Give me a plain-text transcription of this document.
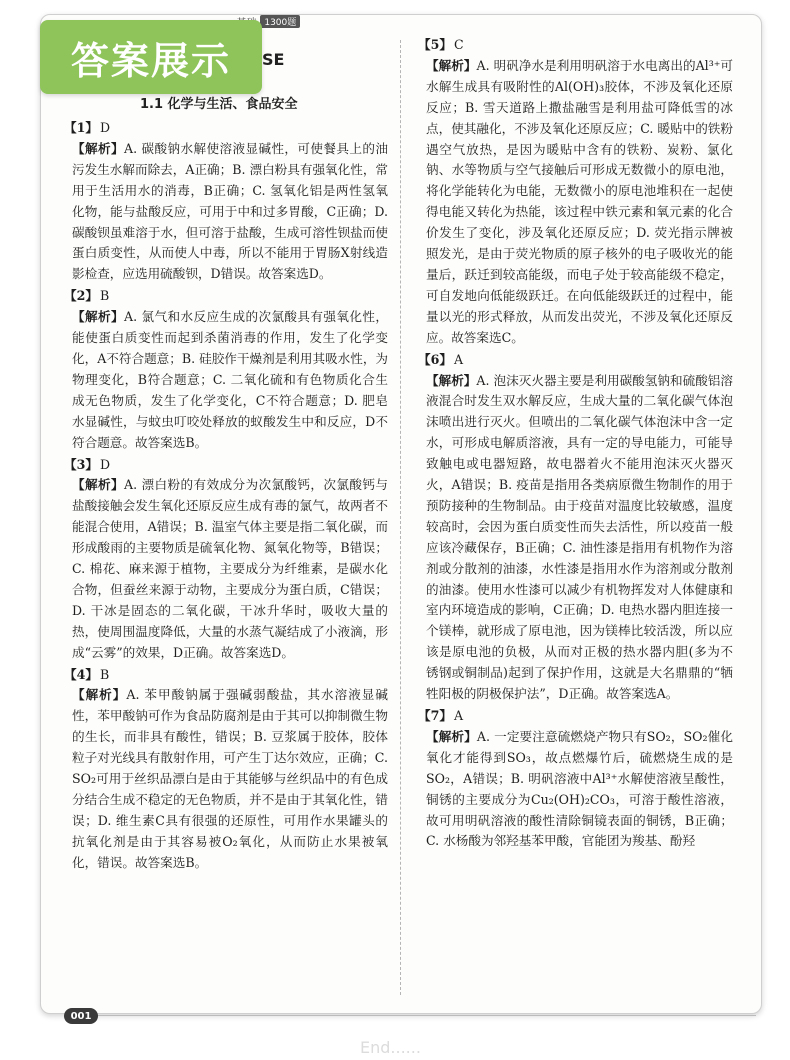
1300题
答案展示	SE
1.1 化学与生活、食品安全
【1】 D
【解析】A. 碳酸钠水解使溶液显碱性，可使餐具上的油污发生水解而除去，A正确；B. 漂白粉具有强氧化性，常用于生活用水的消毒，B正确；C. 氢氧化铝是两性氢氧化物，能与盐酸反应，可用于中和过多胃酸，C正确；D. 碳酸钡虽难溶于水，但可溶于盐酸，生成可溶性钡盐而使蛋白质变性，从而使人中毒，所以不能用于胃肠X射线造影检查，应选用硫酸钡，D错误。故答案选D。
【2】 B
【解析】A. 氯气和水反应生成的次氯酸具有强氧化性，能使蛋白质变性而起到杀菌消毒的作用，发生了化学变化，A不符合题意；B. 硅胶作干燥剂是利用其吸水性，为物理变化，B符合题意；C. 二氧化硫和有色物质化合生成无色物质，发生了化学变化，C不符合题意；D. 肥皂水显碱性，与蚊虫叮咬处释放的蚁酸发生中和反应，D不符合题意。故答案选B。
【3】 D
【解析】A. 漂白粉的有效成分为次氯酸钙，次氯酸钙与盐酸接触会发生氧化还原反应生成有毒的氯气，故两者不能混合使用，A错误；B. 温室气体主要是指二氧化碳，而形成酸雨的主要物质是硫氧化物、氮氧化物等，B错误；C. 棉花、麻来源于植物，主要成分为纤维素，是碳水化合物，但蚕丝来源于动物，主要成分为蛋白质，C错误；D. 干冰是固态的二氧化碳，干冰升华时，吸收大量的热，使周围温度降低，大量的水蒸气凝结成了小液滴，形成“云雾”的效果，D正确。故答案选D。
【4】 B
【解析】A. 苯甲酸钠属于强碱弱酸盐，其水溶液显碱性，苯甲酸钠可作为食品防腐剂是由于其可以抑制微生物的生长，而非具有酸性，错误；B. 豆浆属于胶体，胶体粒子对光线具有散射作用，可产生丁达尔效应，正确；C. SO₂可用于丝织品漂白是由于其能够与丝织品中的有色成分结合生成不稳定的无色物质，并不是由于其氧化性，错误；D. 维生素C具有很强的还原性，可用作水果罐头的抗氧化剂是由于其容易被O₂氧化，从而防止水果被氧化，错误。故答案选B。
【5】 C
【解析】A. 明矾净水是利用明矾溶于水电离出的Al³⁺可水解生成具有吸附性的Al(OH)₃胶体，不涉及氧化还原反应；B. 雪天道路上撒盐融雪是利用盐可降低雪的冰点，使其融化，不涉及氧化还原反应；C. 暖贴中的铁粉遇空气放热，是因为暖贴中含有的铁粉、炭粉、氯化钠、水等物质与空气接触后可形成无数微小的原电池，将化学能转化为电能，无数微小的原电池堆积在一起使得电能又转化为热能，该过程中铁元素和氧元素的化合价发生了变化，涉及氧化还原反应；D. 荧光指示牌被照发光，是由于荧光物质的原子核外的电子吸收光的能量后，跃迁到较高能级，而电子处于较高能级不稳定，可自发地向低能级跃迁。在向低能级跃迁的过程中，能量以光的形式释放，从而发出荧光，不涉及氧化还原反应。故答案选C。
【6】 A
【解析】A. 泡沫灭火器主要是利用碳酸氢钠和硫酸铝溶液混合时发生双水解反应，生成大量的二氧化碳气体泡沫喷出进行灭火。但喷出的二氧化碳气体泡沫中含一定水，可形成电解质溶液，具有一定的导电能力，可能导致触电或电器短路，故电器着火不能用泡沫灭火器灭火，A错误；B. 疫苗是指用各类病原微生物制作的用于预防接种的生物制品。由于疫苗对温度比较敏感，温度较高时，会因为蛋白质变性而失去活性，所以疫苗一般应该冷藏保存，B正确；C. 油性漆是指用有机物作为溶剂或分散剂的油漆，水性漆是指用水作为溶剂或分散剂的油漆。使用水性漆可以减少有机物挥发对人体健康和室内环境造成的影响，C正确；D. 电热水器内胆连接一个镁棒，就形成了原电池，因为镁棒比较活泼，所以应该是原电池的负极，从而对正极的热水器内胆(多为不锈钢或铜制品)起到了保护作用，这就是大名鼎鼎的“牺牲阳极的阴极保护法”，D正确。故答案选A。
【7】 A
【解析】A. 一定要注意硫燃烧产物只有SO₂，SO₂催化氧化才能得到SO₃，故点燃爆竹后，硫燃烧生成的是SO₂，A错误；B. 明矾溶液中Al³⁺水解使溶液呈酸性，铜锈的主要成分为Cu₂(OH)₂CO₃，可溶于酸性溶液，故可用明矾溶液的酸性清除铜镜表面的铜锈，B正确；C. 水杨酸为邻羟基苯甲酸，官能团为羧基、酚羟
001
End......
